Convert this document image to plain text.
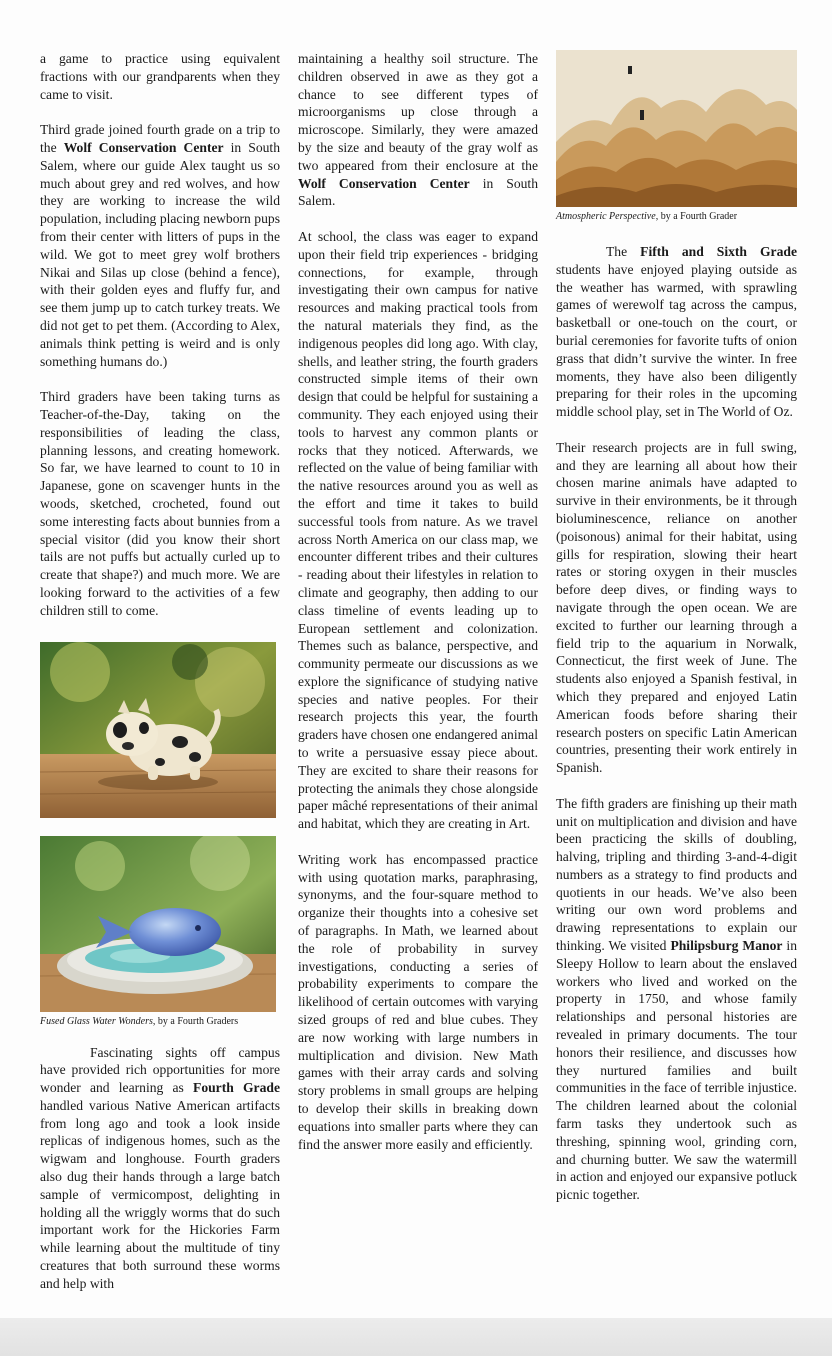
a game to practice using equivalent fractions with our grandparents when they came to visit.

Third grade joined fourth grade on a trip to the Wolf Conservation Center in South Salem, where our guide Alex taught us so much about grey and red wolves, and how they are working to increase the wild population, including placing newborn pups from their center with litters of pups in the wild. We got to meet grey wolf brothers Nikai and Silas up close (behind a fence), with their golden eyes and fluffy fur, and see them jump up to catch turkey treats. We did not get to pet them. (According to Alex, animals think petting is weird and is only something humans do.)

Third graders have been taking turns as Teacher-of-the-Day, taking on the responsibilities of leading the class, planning lessons, and creating homework. So far, we have learned to count to 10 in Japanese, gone on scavenger hunts in the woods, sketched, crocheted, found out some interesting facts about bunnies from a special visitor (did you know their short tails are not puffs but actually curled up to create that shape?) and much more. We are looking forward to the activities of a few children still to come.

Fused Glass Water Wonders, by a Fourth Graders

Fascinating sights off campus have provided rich opportunities for more wonder and learning as Fourth Grade handled various Native American artifacts from long ago and took a look inside replicas of indigenous homes, such as the wigwam and longhouse. Fourth graders also dug their hands through a large batch sample of vermicompost, delighting in holding all the wriggly worms that do such important work for the Hickories Farm while learning about the multitude of tiny creatures that both surround these worms and help with

maintaining a healthy soil structure. The children observed in awe as they got a chance to see different types of microorganisms up close through a microscope. Similarly, they were amazed by the size and beauty of the gray wolf as two appeared from their enclosure at the Wolf Conservation Center in South Salem.

At school, the class was eager to expand upon their field trip experiences - bridging connections, for example, through investigating their own campus for native resources and making practical tools from the natural materials they find, as the indigenous peoples did long ago. With clay, shells, and leather string, the fourth graders constructed simple items of their own design that could be helpful for sustaining a community. They each enjoyed using their tools to harvest any common plants or rocks that they noticed. Afterwards, we reflected on the value of being familiar with the native resources around you as well as the effort and time it takes to build successful tools from nature. As we travel across North America on our class map, we encounter different tribes and their cultures - reading about their lifestyles in relation to climate and geography, then adding to our class timeline of events leading up to European settlement and colonization. Themes such as balance, perspective, and community permeate our discussions as we explore the significance of studying native species and native peoples. For their research projects this year, the fourth graders have chosen one endangered animal to write a persuasive essay piece about. They are excited to share their reasons for protecting the animals they chose alongside paper mâché representations of their animal and habitat, which they are creating in Art.

Writing work has encompassed practice with using quotation marks, paraphrasing, synonyms, and the four-square method to organize their thoughts into a cohesive set of paragraphs. In Math, we learned about the role of probability in survey investigations, conducting a series of probability experiments to compare the likelihood of certain outcomes with varying sized groups of red and blue cubes. They are now working with large numbers in multiplication and division. New Math games with their array cards and solving story problems in small groups are helping to develop their skills in breaking down equations into smaller parts where they can find the answer more easily and efficiently.

Atmospheric Perspective, by a Fourth Grader

The Fifth and Sixth Grade students have enjoyed playing outside as the weather has warmed, with sprawling games of werewolf tag across the campus, basketball or one-touch on the court, or burial ceremonies for favorite tufts of onion grass that didn’t survive the winter. In free moments, they have also been diligently preparing for their roles in the upcoming middle school play, set in The World of Oz.

Their research projects are in full swing, and they are learning all about how their chosen marine animals have adapted to survive in their environments, be it through bioluminescence, reliance on another (poisonous) animal for their habitat, using gills for respiration, slowing their heart rates or storing oxygen in their muscles before deep dives, or finding ways to navigate through the open ocean. We are excited to further our learning through a field trip to the aquarium in Norwalk, Connecticut, the first week of June. The students also enjoyed a Spanish festival, in which they prepared and enjoyed Latin American foods before sharing their research posters on specific Latin American countries, presenting their work entirely in Spanish.

The fifth graders are finishing up their math unit on multiplication and division and have been practicing the skills of doubling, halving, tripling and thirding 3-and-4-digit numbers as a strategy to find products and quotients in our heads. We’ve also been writing our own word problems and drawing representations to explain our thinking. We visited Philipsburg Manor in Sleepy Hollow to learn about the enslaved workers who lived and worked on the property in 1750, and whose family relationships and personal histories are revealed in primary documents. The tour honors their resilience, and discusses how they nurtured families and built communities in the face of terrible injustice. The children learned about the colonial farm tasks they undertook such as threshing, spinning wool, grinding corn, and churning butter. We saw the watermill in action and enjoyed our expansive potluck picnic together.
